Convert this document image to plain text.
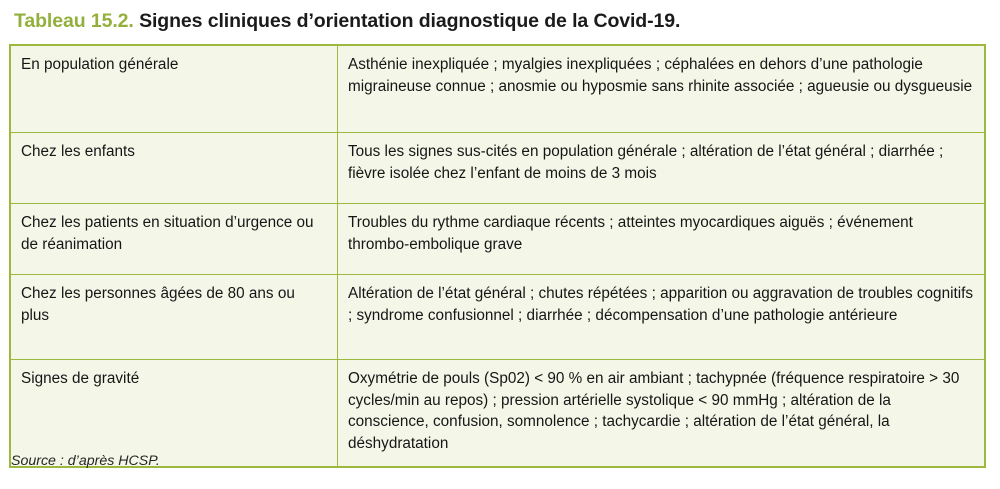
Tableau 15.2. Signes cliniques d’orientation diagnostique de la Covid-19.
En population générale	Asthénie inexpliquée ; myalgies inexpliquées ; céphalées en dehors d’une pathologie migraineuse connue ; anosmie ou hyposmie sans rhinite associée ; agueusie ou dysgueusie
Chez les enfants	Tous les signes sus-cités en population générale ; altération de l’état général ; diarrhée ; fièvre isolée chez l’enfant de moins de 3 mois
Chez les patients en situation d’urgence ou de réanimation	Troubles du rythme cardiaque récents ; atteintes myocardiques aiguës ; événement thrombo-embolique grave
Chez les personnes âgées de 80 ans ou plus	Altération de l’état général ; chutes répétées ; apparition ou aggravation de troubles cognitifs ; syndrome confusionnel ; diarrhée ; décompensation d’une pathologie antérieure
Signes de gravité	Oxymétrie de pouls (Sp02) < 90 % en air ambiant ; tachypnée (fréquence respiratoire > 30 cycles/min au repos) ; pression artérielle systolique < 90 mmHg ; altération de la conscience, confusion, somnolence ; tachycardie ; altération de l’état général, la déshydratation
Source : d’après HCSP.
